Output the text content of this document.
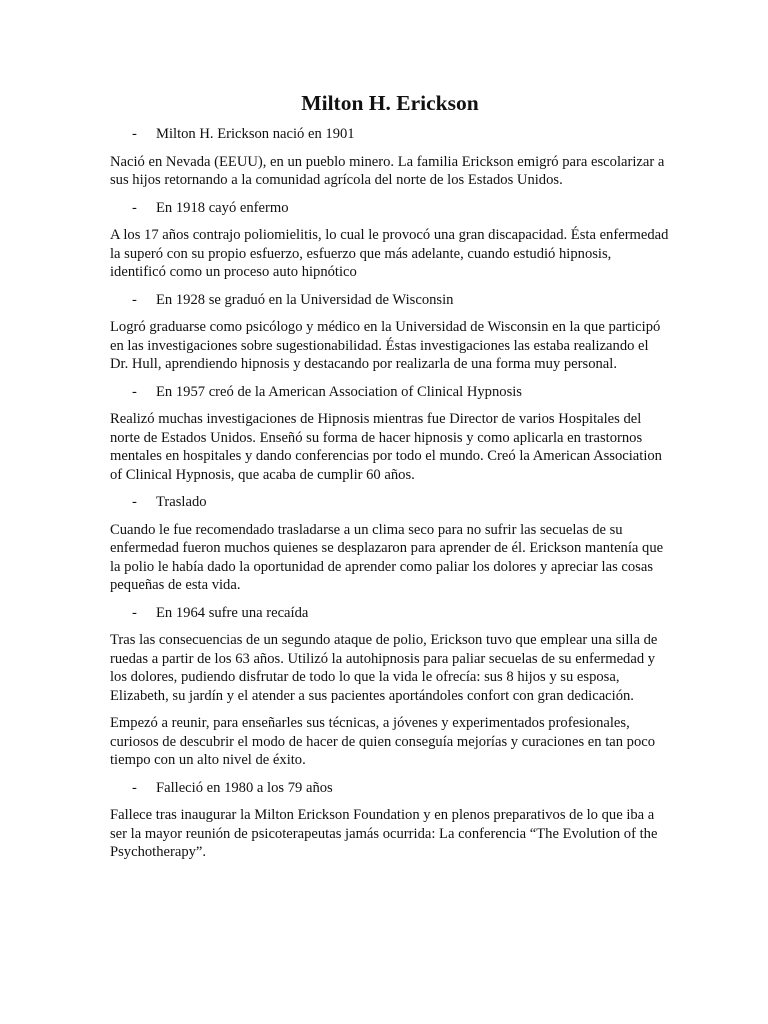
Milton H. Erickson
- Milton H. Erickson nació en 1901

Nació en Nevada (EEUU), en un pueblo minero. La familia Erickson emigró para escolarizar a sus hijos retornando a la comunidad agrícola del norte de los Estados Unidos.

- En 1918 cayó enfermo

A los 17 años contrajo poliomielitis, lo cual le provocó una gran discapacidad. Ésta enfermedad la superó con su propio esfuerzo, esfuerzo que más adelante, cuando estudió hipnosis, identificó como un proceso auto hipnótico

- En 1928 se graduó en la Universidad de Wisconsin

Logró graduarse como psicólogo y médico en la Universidad de Wisconsin en la que participó en las investigaciones sobre sugestionabilidad. Éstas investigaciones las estaba realizando el Dr. Hull, aprendiendo hipnosis y destacando por realizarla de una forma muy personal.

- En 1957 creó de la American Association of Clinical Hypnosis

Realizó muchas investigaciones de Hipnosis mientras fue Director de varios Hospitales del norte de Estados Unidos. Enseñó su forma de hacer hipnosis y como aplicarla en trastornos mentales en hospitales y dando conferencias por todo el mundo. Creó la American Association of Clinical Hypnosis, que acaba de cumplir 60 años.

- Traslado

Cuando le fue recomendado trasladarse a un clima seco para no sufrir las secuelas de su enfermedad fueron muchos quienes se desplazaron para aprender de él. Erickson mantenía que la polio le había dado la oportunidad de aprender como paliar los dolores y apreciar las cosas pequeñas de esta vida.

- En 1964 sufre una recaída

Tras las consecuencias de un segundo ataque de polio, Erickson tuvo que emplear una silla de ruedas a partir de los 63 años. Utilizó la autohipnosis para paliar secuelas de su enfermedad y los dolores, pudiendo disfrutar de todo lo que la vida le ofrecía: sus 8 hijos y su esposa, Elizabeth, su jardín y el atender a sus pacientes aportándoles confort con gran dedicación.

Empezó a reunir, para enseñarles sus técnicas, a jóvenes y experimentados profesionales, curiosos de descubrir el modo de hacer de quien conseguía mejorías y curaciones en tan poco tiempo con un alto nivel de éxito.

- Falleció en 1980 a los 79 años

Fallece tras inaugurar la Milton Erickson Foundation y en plenos preparativos de lo que iba a ser la mayor reunión de psicoterapeutas jamás ocurrida: La conferencia “The Evolution of the Psychotherapy”.
